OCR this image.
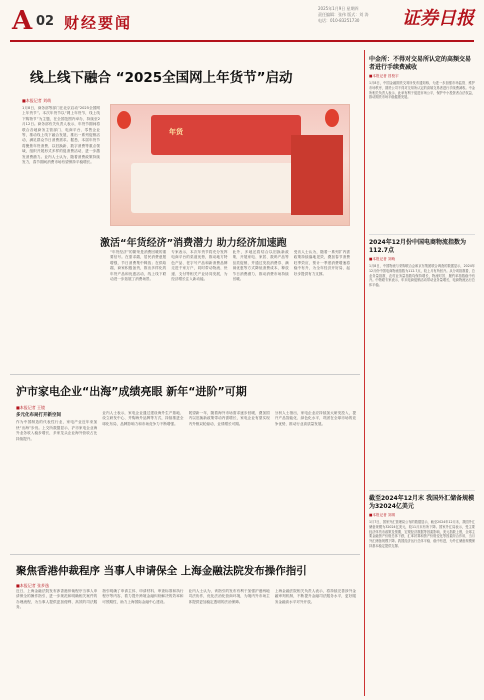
A 02 财经要闻
2025年1月9日 星期四
责任编辑：张伟 版式：刘 涛
电话：010-83251730	证券日报
线上线下融合 “2025全国网上年货节”启动
■本报记者 刘萌
1月8日，商务部等部门在北京启动“2025全国网上年货节”。本次年货节以“网上年货节，线上线下购物节”为主题，在全国范围内举办，持续至2月12日。商务部有关负责人表示，年货节期间将联合各地商务主管部门、电商平台、零售企业等，推动线上线下融合发展，推出一系列促销活动，满足群众节日消费需求。据悉，本届年货节将聚焦年货消费、以旧换新、数字消费等重点领域，组织开展形式多样的促消费活动，进一步激发消费潜力。业内人士认为，随着消费政策持续发力，春节期间消费市场有望保持平稳增长。
年货
激活“年货经济”消费潜力 助力经济加速跑
“年货经济”的繁荣是消费回暖的重要信号。在需求端，居民消费意愿增强，节日消费集中释放；在供给端，商家积极备货，推出多样化的年货产品和优惠活动，线上线下联动进一步拓展了消费场景。
专家表示，本次年货节将充分发挥电商平台的渠道优势，推动地方特色产品、老字号产品和新消费品牌走进千家万户，同时带动物流、快递、支付等相关产业协同发展，为经济增长注入新动能。
此外，多地还将结合以旧换新政策，开展家电、家居、数码产品等品类促销，并通过发放消费券、满减优惠等方式降低消费成本，释放节日消费潜力，推动消费市场持续回暖。
受访人士认为，随着一系列扩内需政策持续落地见效，叠加春节消费旺季效应，预计一季度消费增速将稳中有升，为全年经济开好局、起好步提供有力支撑。
沪市家电企业“出海”成绩亮眼 新年“进阶”可期
■本报记者 王镜
多元化布局打开新空间
作为中国制造的代表性行业，家电产业近年来加快“出海”步伐。上交所数据显示，沪市家电企业海外业务收入稳步增长，多家龙头企业海外营收占比持续提升。
业内人士表示，家电企业通过建设海外生产基地、设立研发中心、并购海外品牌等方式，持续推进全球化布局，品牌影响力和市场竞争力不断增强。
展望新一年，随着海外市场需求逐步回暖，叠加国内以旧换新政策带动内需增长，家电企业有望实现内外销双轮驱动，业绩增长可期。
分析人士指出，家电企业应持续加大研发投入，提升产品智能化、绿色化水平，巩固在全球市场的竞争优势，推动行业高质量发展。
聚焦香港仲裁程序 当事人申请保全 上海金融法院发布操作指引
■本报记者 张芗逸
近日，上海金融法院发布涉香港仲裁程序当事人申请保全的操作指引，进一步规范和明确相关案件的办理流程，为当事人提供更加便利、高效的司法服务。
指引明确了申请主体、申请材料、审查标准和执行程序等内容，着力提升跨境金融纠纷解决的效率和可预期性，助力上海国际金融中心建设。
业内人士认为，该指引的发布有利于加强沪港两地司法协作，优化法治化营商环境，为境内外市场主体提供更加稳定透明的法治保障。
上海金融法院相关负责人表示，将持续完善涉外金融审判机制，不断提升金融司法服务水平，更好服务金融高水平对外开放。
中金所：不得对交易所认定的高频交易者进行手续费减收
■本报记者 昌校宇
1月8日，中国金融期货交易所发布通知称，为进一步加强市场监管、维护市场秩序，期货公司不得对交易所认定的高频交易者进行手续费减收。中金所相关负责人表示，此举有利于促进市场公平，保护中小投资者合法权益，推动期货市场平稳健康发展。
2024年12月份中国电商物流指数为112.7点
■本报记者 刘萌
1月8日，中国物流与采购联合会和京东集团联合调查的数据显示，2024年12月份中国电商物流指数为112.7点，较上月有所回升。从分项指数看，总业务量指数、农村业务量指数均保持增长，物流时效、履约率指数稳中有升。中物联专家表示，年末电商促销活动带动业务量增长，电商物流运行总体平稳。
截至2024年12月末 我国外汇储备规模为32024亿美元
■本报记者 刘琪
1月7日，国家外汇管理局公布的数据显示，截至2024年12月末，我国外汇储备规模为32024亿美元，较11月末有所下降。国家外汇局表示，受主要经济体货币政策及预期、宏观经济数据等因素影响，美元指数上涨，全球主要金融资产价格总体下跌，汇率折算和资产价格变化等因素综合作用，当月外汇储备规模下降。我国经济运行总体平稳、稳中有进，为外汇储备规模保持基本稳定提供支撑。
